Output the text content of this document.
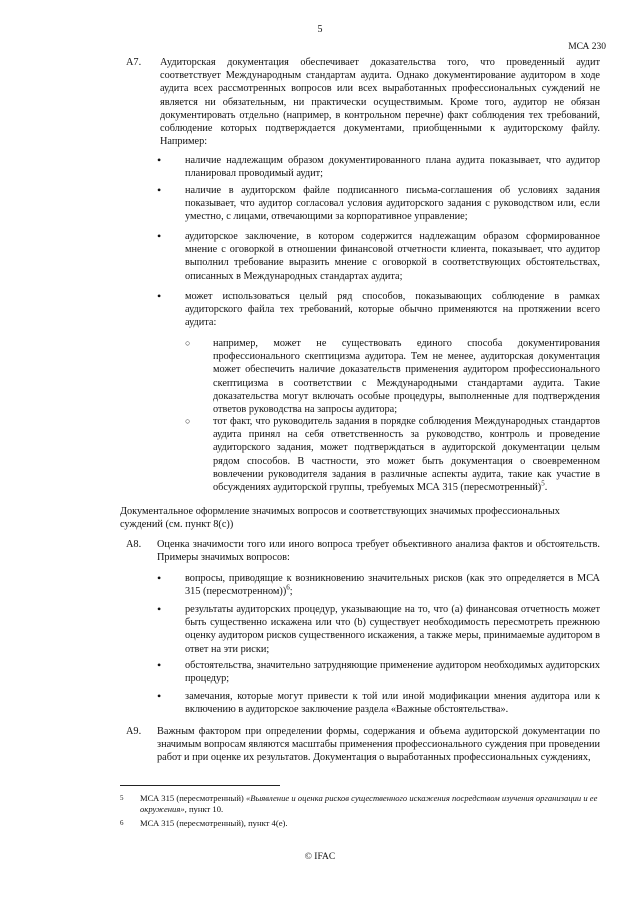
5
МСА 230
A7. Аудиторская документация обеспечивает доказательства того, что проведенный аудит соответствует Международным стандартам аудита. Однако документирование аудитором в ходе аудита всех рассмотренных вопросов или всех выработанных профессиональных суждений не является ни обязательным, ни практически осуществимым. Кроме того, аудитор не обязан документировать отдельно (например, в контрольном перечне) факт соблюдения тех требований, соблюдение которых подтверждается документами, приобщенными к аудиторскому файлу. Например:
• наличие надлежащим образом документированного плана аудита показывает, что аудитор планировал проводимый аудит;
• наличие в аудиторском файле подписанного письма-соглашения об условиях задания показывает, что аудитор согласовал условия аудиторского задания с руководством или, если уместно, с лицами, отвечающими за корпоративное управление;
• аудиторское заключение, в котором содержится надлежащим образом сформированное мнение с оговоркой в отношении финансовой отчетности клиента, показывает, что аудитор выполнил требование выразить мнение с оговоркой в соответствующих обстоятельствах, описанных в Международных стандартах аудита;
• может использоваться целый ряд способов, показывающих соблюдение в рамках аудиторского файла тех требований, которые обычно применяются на протяжении всего аудита:
○ например, может не существовать единого способа документирования профессионального скептицизма аудитора. Тем не менее, аудиторская документация может обеспечить наличие доказательств применения аудитором профессионального скептицизма в соответствии с Международными стандартами аудита. Такие доказательства могут включать особые процедуры, выполненные для подтверждения ответов руководства на запросы аудитора;
○ тот факт, что руководитель задания в порядке соблюдения Международных стандартов аудита принял на себя ответственность за руководство, контроль и проведение аудиторского задания, может подтверждаться в аудиторской документации целым рядом способов. В частности, это может быть документация о своевременном вовлечении руководителя задания в различные аспекты аудита, такие как участие в обсуждениях аудиторской группы, требуемых МСА 315 (пересмотренный)$^5$.
Документальное оформление значимых вопросов и соответствующих значимых профессиональных суждений (см. пункт 8(с))
A8. Оценка значимости того или иного вопроса требует объективного анализа фактов и обстоятельств. Примеры значимых вопросов:
• вопросы, приводящие к возникновению значительных рисков (как это определяется в МСА 315 (пересмотренном))$^6$;
• результаты аудиторских процедур, указывающие на то, что (a) финансовая отчетность может быть существенно искажена или что (b) существует необходимость пересмотреть прежнюю оценку аудитором рисков существенного искажения, а также меры, принимаемые аудитором в ответ на эти риски;
• обстоятельства, значительно затрудняющие применение аудитором необходимых аудиторских процедур;
• замечания, которые могут привести к той или иной модификации мнения аудитора или к включению в аудиторское заключение раздела «Важные обстоятельства».
A9. Важным фактором при определении формы, содержания и объема аудиторской документации по значимым вопросам являются масштабы применения профессионального суждения при проведении работ и при оценке их результатов. Документация о выработанных профессиональных суждениях,
5 МСА 315 (пересмотренный) «Выявление и оценка рисков существенного искажения посредством изучения организации и ее окружения», пункт 10.
6 МСА 315 (пересмотренный), пункт 4(е).
© IFAC
